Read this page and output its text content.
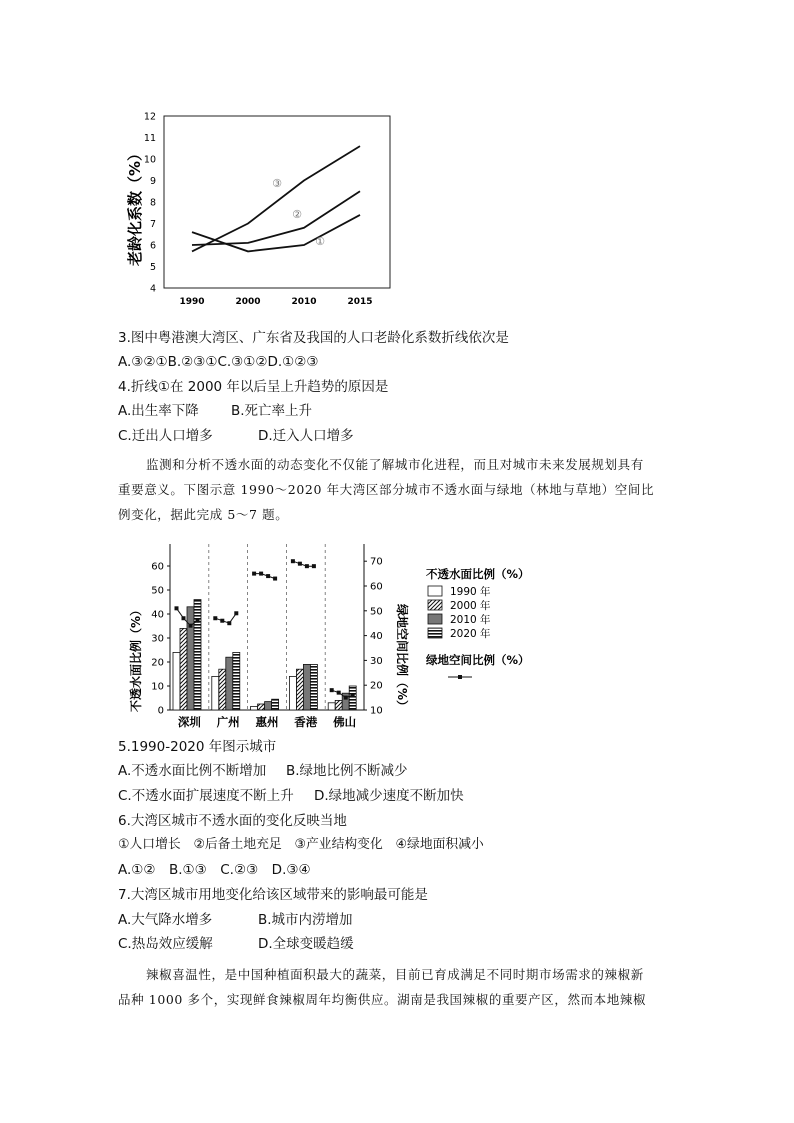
4
5
6
7
8
9
10
11
12
1990	2000	2010	2015
①
②
③
老龄化系数（%）
3.图中粤港澳大湾区、广东省及我国的人口老龄化系数折线依次是
A.③②①B.②③①C.③①②D.①②③
4.折线①在 2000 年以后呈上升趋势的原因是
A.出生率下降 B.死亡率上升
C.迁出人口增多	D.迁入人口增多
监测和分析不透水面的动态变化不仅能了解城市化进程，而且对城市未来发展规划具有
重要意义。下图示意 1990～2020 年大湾区部分城市不透水面与绿地（林地与草地）空间比
例变化，据此完成 5～7 题。
0
10
20
30
40
50
60
10
20
30
40
50
60
70
深圳 广州 惠州 香港 佛山
不透水面比例（%）	绿地空间比例（%）
不透水面比例（%）
1990 年
2000 年
2010 年
2020 年
绿地空间比例（%）
5.1990-2020 年图示城市
A.不透水面比例不断增加 B.绿地比例不断减少
C.不透水面扩展速度不断上升 D.绿地减少速度不断加快
6.大湾区城市不透水面的变化反映当地
①人口增长　②后备土地充足　③产业结构变化　④绿地面积减小
A.①②　B.①③　C.②③　D.③④
7.大湾区城市用地变化给该区域带来的影响最可能是
A.大气降水增多	B.城市内涝增加
C.热岛效应缓解	D.全球变暖趋缓
辣椒喜温性，是中国种植面积最大的蔬菜，目前已育成满足不同时期市场需求的辣椒新
品种 1000 多个，实现鲜食辣椒周年均衡供应。湖南是我国辣椒的重要产区，然而本地辣椒
